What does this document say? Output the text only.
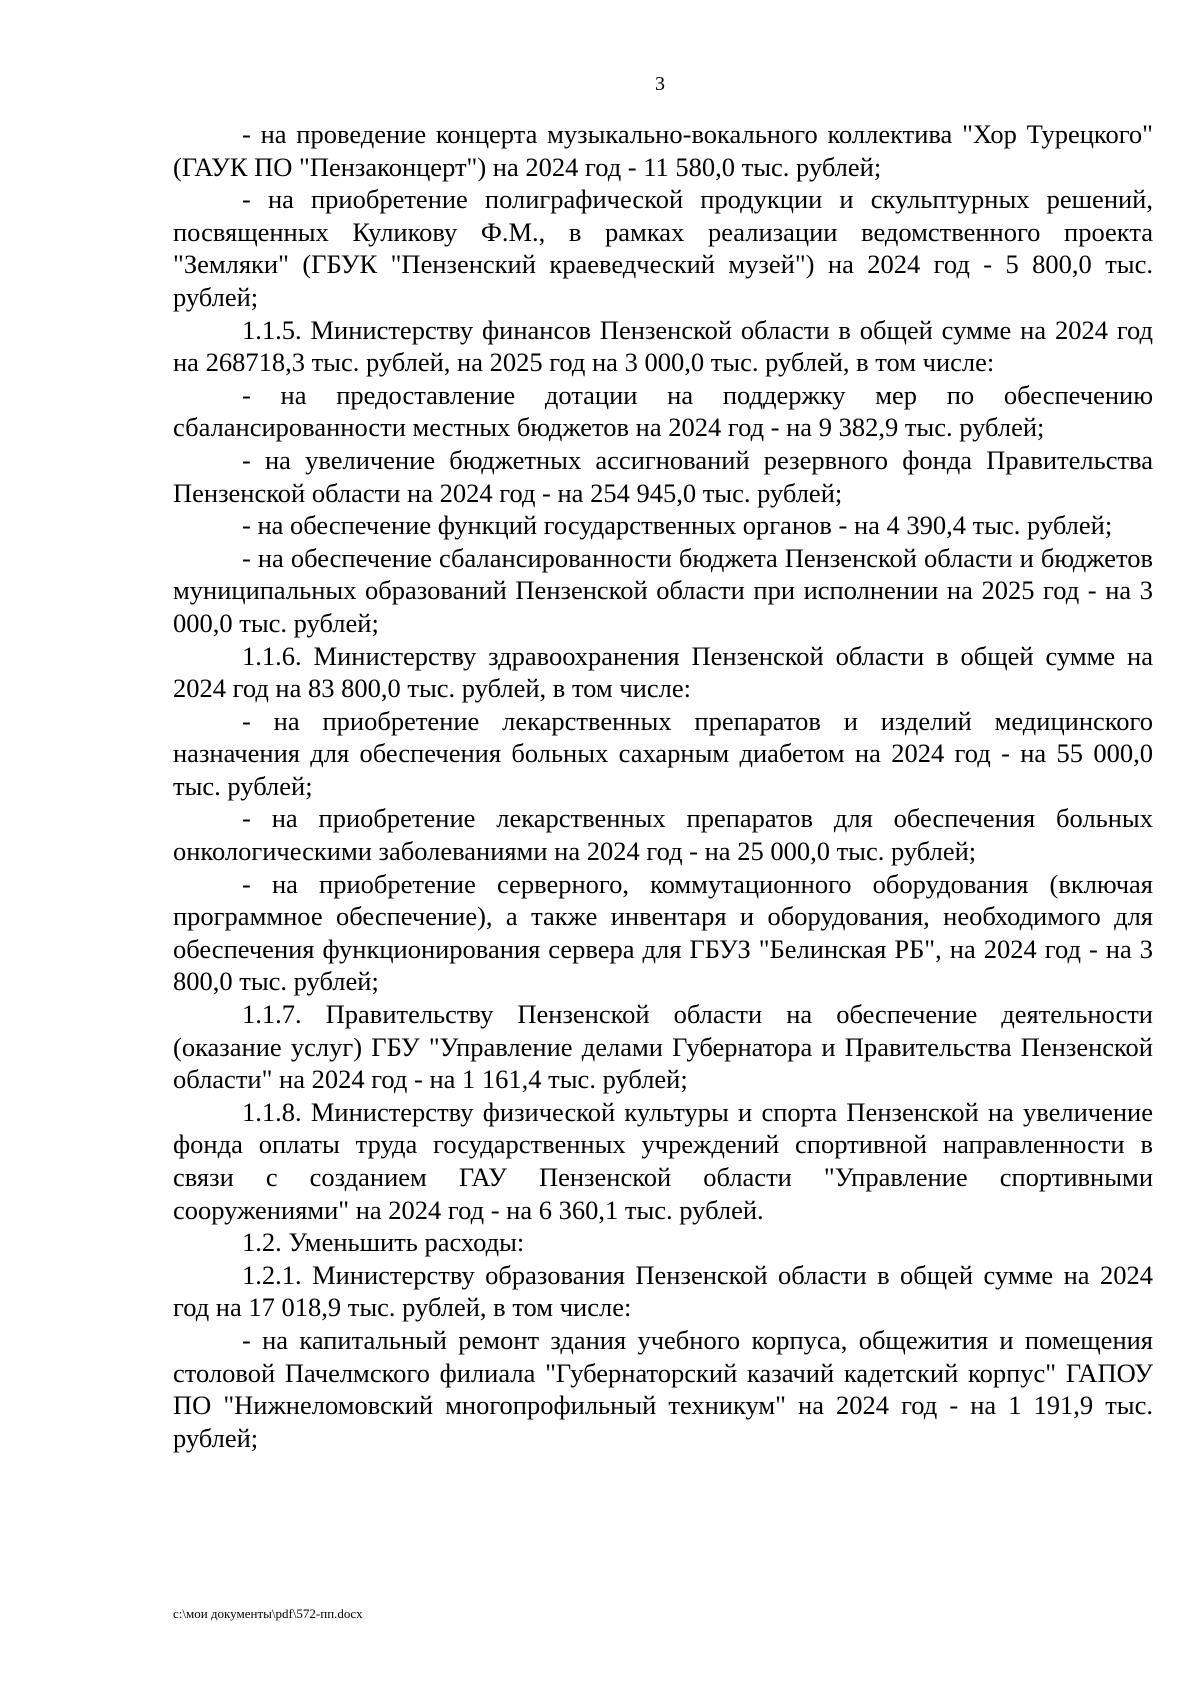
3

- на проведение концерта музыкально-вокального коллектива "Хор Турецкого" (ГАУК ПО "Пензаконцерт") на 2024 год - 11 580,0 тыс. рублей;

- на приобретение полиграфической продукции и скульптурных решений, посвященных Куликову Ф.М., в рамках реализации ведомственного проекта "Земляки" (ГБУК "Пензенский краеведческий музей") на 2024 год - 5 800,0 тыс. рублей;

1.1.5. Министерству финансов Пензенской области в общей сумме на 2024 год на 268718,3 тыс. рублей, на 2025 год на 3 000,0 тыс. рублей, в том числе:

- на предоставление дотации на поддержку мер по обеспечению сбалансированности местных бюджетов на 2024 год - на 9 382,9 тыс. рублей;

- на увеличение бюджетных ассигнований резервного фонда Правительства Пензенской области на 2024 год - на 254 945,0 тыс. рублей;

- на обеспечение функций государственных органов - на 4 390,4 тыс. рублей;

- на обеспечение сбалансированности бюджета Пензенской области и бюджетов муниципальных образований Пензенской области при исполнении на 2025 год - на 3 000,0 тыс. рублей;

1.1.6. Министерству здравоохранения Пензенской области в общей сумме на 2024 год на 83 800,0 тыс. рублей, в том числе:

- на приобретение лекарственных препаратов и изделий медицинского назначения для обеспечения больных сахарным диабетом на 2024 год - на 55 000,0 тыс. рублей;

- на приобретение лекарственных препаратов для обеспечения больных онкологическими заболеваниями на 2024 год - на 25 000,0 тыс. рублей;

- на приобретение серверного, коммутационного оборудования (включая программное обеспечение), а также инвентаря и оборудования, необходимого для обеспечения функционирования сервера для ГБУЗ "Белинская РБ", на 2024 год - на 3 800,0 тыс. рублей;

1.1.7. Правительству Пензенской области на обеспечение деятельности (оказание услуг) ГБУ "Управление делами Губернатора и Правительства Пензенской области" на 2024 год - на 1 161,4 тыс. рублей;

1.1.8. Министерству физической культуры и спорта Пензенской на увеличение фонда оплаты труда государственных учреждений спортивной направленности в связи с созданием ГАУ Пензенской области "Управление спортивными сооружениями" на 2024 год - на 6 360,1 тыс. рублей.

1.2. Уменьшить расходы:

1.2.1. Министерству образования Пензенской области в общей сумме на 2024 год на 17 018,9 тыс. рублей, в том числе:

- на капитальный ремонт здания учебного корпуса, общежития и помещения столовой Пачелмского филиала "Губернаторский казачий кадетский корпус" ГАПОУ ПО "Нижнеломовский многопрофильный техникум" на 2024 год - на 1 191,9 тыс. рублей;

c:\мои документы\pdf\572-пп.docx
